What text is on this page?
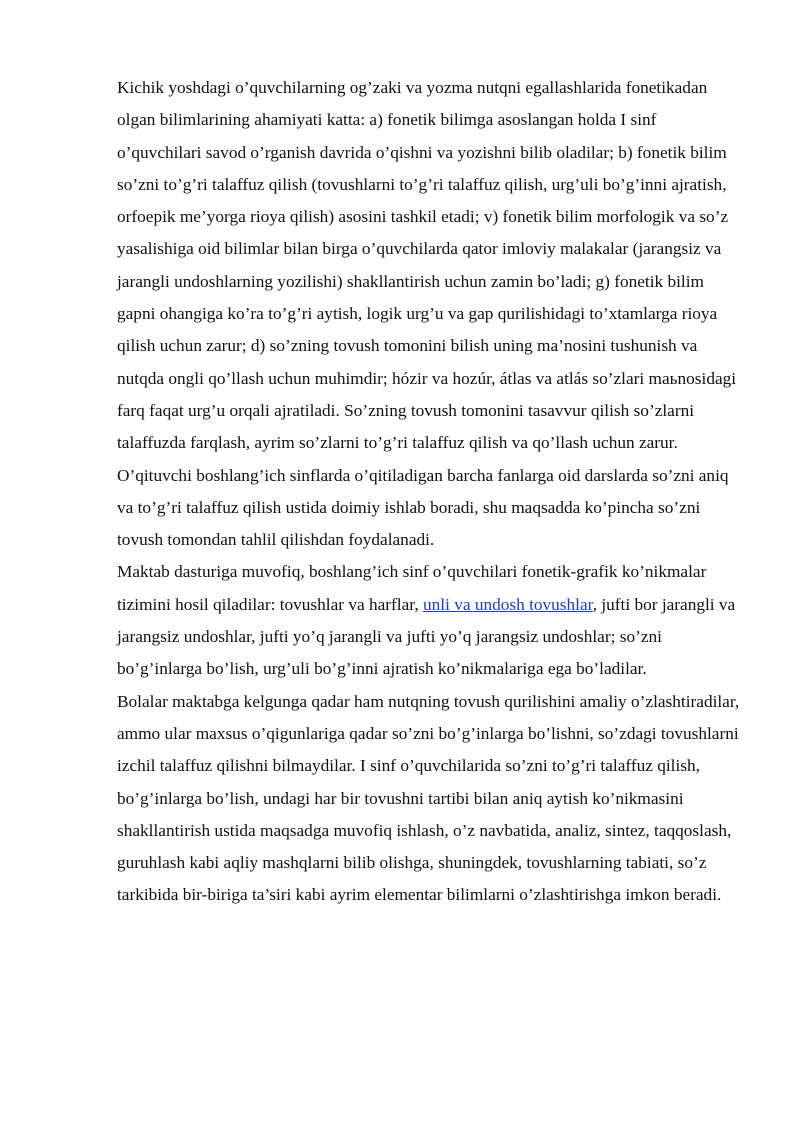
Kichik yoshdagi o’quvchilarning og’zaki va yozma nutqni egallashlarida fonetikadan olgan bilimlarining ahamiyati katta: a) fonetik bilimga asoslangan holda I sinf o’quvchilari savod o’rganish davrida o’qishni va yozishni bilib oladilar; b) fonetik bilim so’zni to’g’ri talaffuz qilish (tovushlarni to’g’ri talaffuz qilish, urg’uli bo’g’inni ajratish, orfoepik me’yorga rioya qilish) asosini tashkil etadi; v) fonetik bilim morfologik va so’z yasalishiga oid bilimlar bilan birga o’quvchilarda qator imloviy malakalar (jarangsiz va jarangli undoshlarning yozilishi) shakllantirish uchun zamin bo’ladi; g) fonetik bilim gapni ohangiga ko’ra to’g’ri aytish, logik urg’u va gap qurilishidagi to’xtamlarga rioya qilish uchun zarur; d) so’zning tovush tomonini bilish uning ma’nosini tushunish va nutqda ongli qo’llash uchun muhimdir; hózir va hozúr, átlas va atlás so’zlari maьnosidagi farq faqat urg’u orqali ajratiladi. So’zning tovush tomonini tasavvur qilish so’zlarni talaffuzda farqlash, ayrim so’zlarni to’g’ri talaffuz qilish va qo’llash uchun zarur.

O’qituvchi boshlang’ich sinflarda o’qitiladigan barcha fanlarga oid darslarda so’zni aniq va to’g’ri talaffuz qilish ustida doimiy ishlab boradi, shu maqsadda ko’pincha so’zni tovush tomondan tahlil qilishdan foydalanadi.

Maktab dasturiga muvofiq, boshlang’ich sinf o’quvchilari fonetik-grafik ko’nikmalar tizimini hosil qiladilar: tovushlar va harflar, unli va undosh tovushlar, jufti bor jarangli va jarangsiz undoshlar, jufti yo’q jarangli va jufti yo’q jarangsiz undoshlar; so’zni bo’g’inlarga bo’lish, urg’uli bo’g’inni ajratish ko’nikmalariga ega bo’ladilar.

Bolalar maktabga kelgunga qadar ham nutqning tovush qurilishini amaliy o’zlashtiradilar, ammo ular maxsus o’qigunlariga qadar so’zni bo’g’inlarga bo’lishni, so’zdagi tovushlarni izchil talaffuz qilishni bilmaydilar. I sinf o’quvchilarida so’zni to’g’ri talaffuz qilish, bo’g’inlarga bo’lish, undagi har bir tovushni tartibi bilan aniq aytish ko’nikmasini shakllantirish ustida maqsadga muvofiq ishlash, o’z navbatida, analiz, sintez, taqqoslash, guruhlash kabi aqliy mashqlarni bilib olishga, shuningdek, tovushlarning tabiati, so’z tarkibida bir-biriga ta’siri kabi ayrim elementar bilimlarni o’zlashtirishga imkon beradi.
